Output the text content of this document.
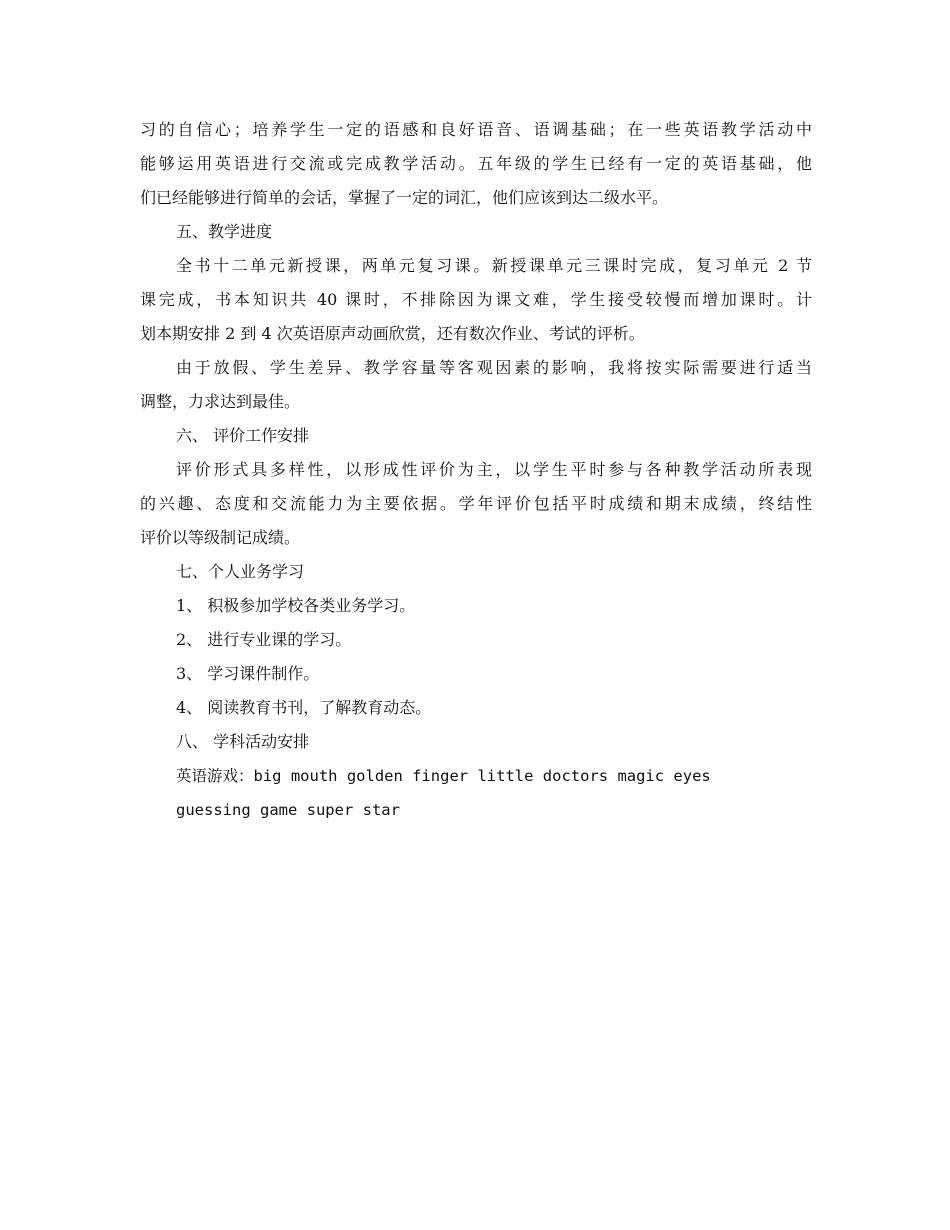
习的自信心；培养学生一定的语感和良好语音、语调基础；在一些英语教学活动中

能够运用英语进行交流或完成教学活动。五年级的学生已经有一定的英语基础，他

们已经能够进行简单的会话，掌握了一定的词汇，他们应该到达二级水平。

五、教学进度

全书十二单元新授课，两单元复习课。新授课单元三课时完成，复习单元 2 节

课完成，书本知识共 40 课时，不排除因为课文难，学生接受较慢而增加课时。计

划本期安排 2 到 4 次英语原声动画欣赏，还有数次作业、考试的评析。

由于放假、学生差异、教学容量等客观因素的影响，我将按实际需要进行适当

调整，力求达到最佳。

六、 评价工作安排

评价形式具多样性，以形成性评价为主，以学生平时参与各种教学活动所表现

的兴趣、态度和交流能力为主要依据。学年评价包括平时成绩和期末成绩，终结性

评价以等级制记成绩。

七、个人业务学习

1、 积极参加学校各类业务学习。

2、 进行专业课的学习。

3、 学习课件制作。

4、 阅读教育书刊，了解教育动态。

八、 学科活动安排

英语游戏：big mouth golden finger little doctors magic eyes

guessing game super star
